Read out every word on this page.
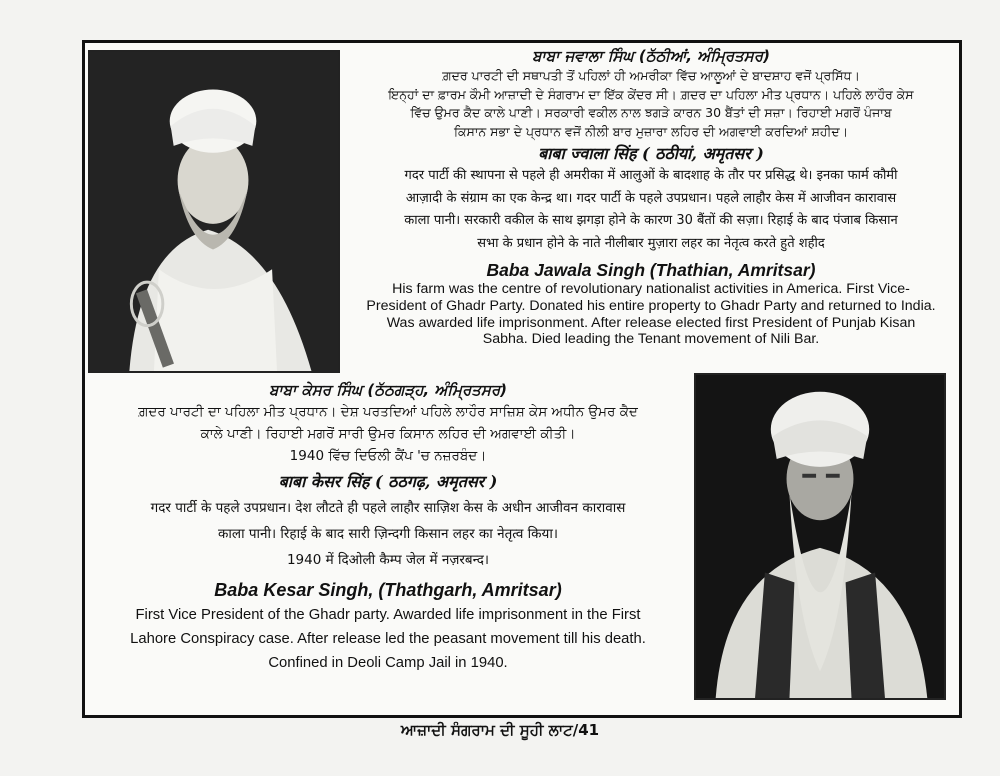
ਬਾਬਾ ਜਵਾਲਾ ਸਿੰਘ (ਠੱਠੀਆਂ, ਅੰਮ੍ਰਿਤਸਰ)

ਗ਼ਦਰ ਪਾਰਟੀ ਦੀ ਸਥਾਪਤੀ ਤੋਂ ਪਹਿਲਾਂ ਹੀ ਅਮਰੀਕਾ ਵਿੱਚ ਆਲੂਆਂ ਦੇ ਬਾਦਸ਼ਾਹ ਵਜੋਂ ਪ੍ਰਸਿੱਧ।

ਇਨ੍ਹਾਂ ਦਾ ਫ਼ਾਰਮ ਕੌਮੀ ਆਜ਼ਾਦੀ ਦੇ ਸੰਗਰਾਮ ਦਾ ਇੱਕ ਕੇਂਦਰ ਸੀ। ਗ਼ਦਰ ਦਾ ਪਹਿਲਾ ਮੀਤ ਪ੍ਰਧਾਨ। ਪਹਿਲੇ ਲਾਹੌਰ ਕੇਸ

ਵਿੱਚ ਉਮਰ ਕੈਦ ਕਾਲੇ ਪਾਣੀ। ਸਰਕਾਰੀ ਵਕੀਲ ਨਾਲ ਝਗੜੇ ਕਾਰਨ 30 ਬੈਂਤਾਂ ਦੀ ਸਜ਼ਾ। ਰਿਹਾਈ ਮਗਰੋਂ ਪੰਜਾਬ

ਕਿਸਾਨ ਸਭਾ ਦੇ ਪ੍ਰਧਾਨ ਵਜੋਂ ਨੀਲੀ ਬਾਰ ਮੁਜ਼ਾਰਾ ਲਹਿਰ ਦੀ ਅਗਵਾਈ ਕਰਦਿਆਂ ਸ਼ਹੀਦ।

बाबा ज्वाला सिंह ( ठठीयां, अमृतसर )

गदर पार्टी की स्थापना से पहले ही अमरीका में आलुओं के बादशाह के तौर पर प्रसिद्ध थे। इनका फार्म कौमी

आज़ादी के संग्राम का एक केन्द्र था। गदर पार्टी के पहले उपप्रधान। पहले लाहौर केस में आजीवन कारावास

काला पानी। सरकारी वकील के साथ झगड़ा होने के कारण 30 बैंतों की सज़ा। रिहाई के बाद पंजाब किसान

सभा के प्रधान होने के नाते नीलीबार मुज़ारा लहर का नेतृत्व करते हुते शहीद

Baba Jawala Singh (Thathian, Amritsar)

His farm was the centre of revolutionary nationalist activities in America. First Vice-

President of Ghadr Party. Donated his entire property to Ghadr Party and returned to India.

Was awarded life imprisonment. After release elected first President of Punjab Kisan

Sabha. Died leading the Tenant movement of Nili Bar.

ਬਾਬਾ ਕੇਸਰ ਸਿੰਘ (ਠੱਠਗੜ੍ਹ, ਅੰਮ੍ਰਿਤਸਰ)

ਗ਼ਦਰ ਪਾਰਟੀ ਦਾ ਪਹਿਲਾ ਮੀਤ ਪ੍ਰਧਾਨ। ਦੇਸ਼ ਪਰਤਦਿਆਂ ਪਹਿਲੇ ਲਾਹੌਰ ਸਾਜ਼ਿਸ਼ ਕੇਸ ਅਧੀਨ ਉਮਰ ਕੈਦ

ਕਾਲੇ ਪਾਣੀ। ਰਿਹਾਈ ਮਗਰੋਂ ਸਾਰੀ ਉਮਰ ਕਿਸਾਨ ਲਹਿਰ ਦੀ ਅਗਵਾਈ ਕੀਤੀ।

1940 ਵਿੱਚ ਦਿਓਲੀ ਕੈਂਪ 'ਚ ਨਜ਼ਰਬੰਦ।

बाबा केसर सिंह ( ठठगढ़, अमृतसर )

गदर पार्टी के पहले उपप्रधान। देश लौटते ही पहले लाहौर साज़िश केस के अधीन आजीवन कारावास

काला पानी। रिहाई के बाद सारी ज़िन्दगी किसान लहर का नेतृत्व किया।

1940 में दिओली कैम्प जेल में नज़रबन्द।

Baba Kesar Singh, (Thathgarh, Amritsar)

First Vice President of the Ghadr party. Awarded life imprisonment in the First

Lahore Conspiracy case. After release led the peasant movement till his death.

Confined in Deoli Camp Jail in 1940.

ਆਜ਼ਾਦੀ ਸੰਗਰਾਮ ਦੀ ਸੂਹੀ ਲਾਟ/41
